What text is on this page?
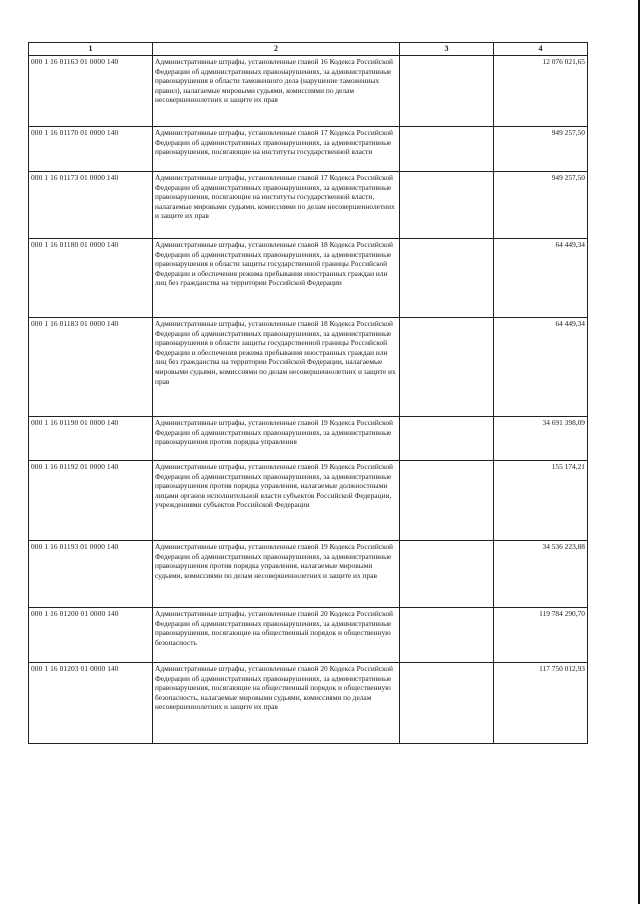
1	2	3	4
000 1 16 01163 01 0000 140	Административные штрафы, установленные главой 16 Кодекса Российской Федерации об административных правонарушениях, за административные правонарушения в области таможенного дела (нарушение таможенных правил), налагаемые мировыми судьями, комиссиями по делам несовершеннолетних и защите их прав		12 076 021,65
000 1 16 01170 01 0000 140	Административные штрафы, установленные главой 17 Кодекса Российской Федерации об административных правонарушениях, за административные правонарушения, посягающие на институты государственной власти		949 257,50
000 1 16 01173 01 0000 140	Административные штрафы, установленные главой 17 Кодекса Российской Федерации об административных правонарушениях, за административные правонарушения, посягающие на институты государственной власти, налагаемые мировыми судьями, комиссиями по делам несовершеннолетних и защите их прав		949 257,50
000 1 16 01180 01 0000 140	Административные штрафы, установленные главой 18 Кодекса Российской Федерации об административных правонарушениях, за административные правонарушения в области защиты государственной границы Российской Федерации и обеспечения режима пребывания иностранных граждан или лиц без гражданства на территории Российской Федерации		64 449,34
000 1 16 01183 01 0000 140	Административные штрафы, установленные главой 18 Кодекса Российской Федерации об административных правонарушениях, за административные правонарушения в области защиты государственной границы Российской Федерации и обеспечения режима пребывания иностранных граждан или лиц без гражданства на территории Российской Федерации, налагаемые мировыми судьями, комиссиями по делам несовершеннолетних и защите их прав		64 449,34
000 1 16 01190 01 0000 140	Административные штрафы, установленные главой 19 Кодекса Российской Федерации об административных правонарушениях, за административные правонарушения против порядка управления		34 691 398,09
000 1 16 01192 01 0000 140	Административные штрафы, установленные главой 19 Кодекса Российской Федерации об административных правонарушениях, за административные правонарушения против порядка управления, налагаемые должностными лицами органов исполнительной власти субъектов Российской Федерации, учреждениями субъектов Российской Федерации		155 174,21
000 1 16 01193 01 0000 140	Административные штрафы, установленные главой 19 Кодекса Российской Федерации об административных правонарушениях, за административные правонарушения против порядка управления, налагаемые мировыми судьями, комиссиями по делам несовершеннолетних и защите их прав		34 536 223,88
000 1 16 01200 01 0000 140	Административные штрафы, установленные главой 20 Кодекса Российской Федерации об административных правонарушениях, за административные правонарушения, посягающие на общественный порядок и общественную безопасность		119 784 290,70
000 1 16 01203 01 0000 140	Административные штрафы, установленные главой 20 Кодекса Российской Федерации об административных правонарушениях, за административные правонарушения, посягающие на общественный порядок и общественную безопасность, налагаемые мировыми судьями, комиссиями по делам несовершеннолетних и защите их прав		117 750 012,93
